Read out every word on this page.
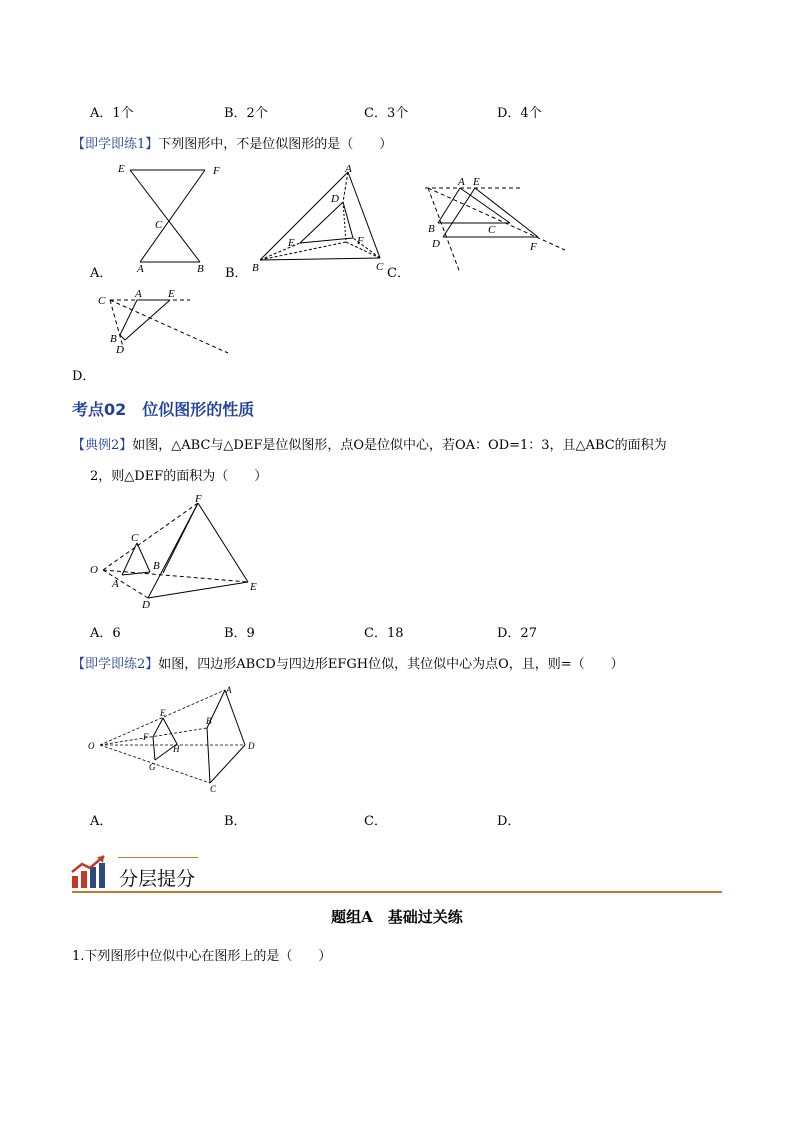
A．1个	B．2个	C．3个	D．4个
【即学即练1】下列图形中，不是位似图形的是（　　）
E	F
C
A	B
A．
A
D
E	F
B	C
B．	C．
A E
B	C
D	F
C
A E
B
D
D．
考点02　位似图形的性质
【典例2】如图，△ABC与△DEF是位似图形，点O是位似中心，若OA：OD=1：3，且△ABC的面积为
2，则△DEF的面积为（　　）
F
C
O	B
A	E
D
A．6	B．9	C．18	D．27
【即学即练2】如图，四边形ABCD与四边形EFGH位似，其位似中心为点O，且，则=（　　）
O
E
F
G
H
A
B
C
D
A．	B．	C．	D．
分层提分
题组A　基础过关练
1.下列图形中位似中心在图形上的是（　　）
